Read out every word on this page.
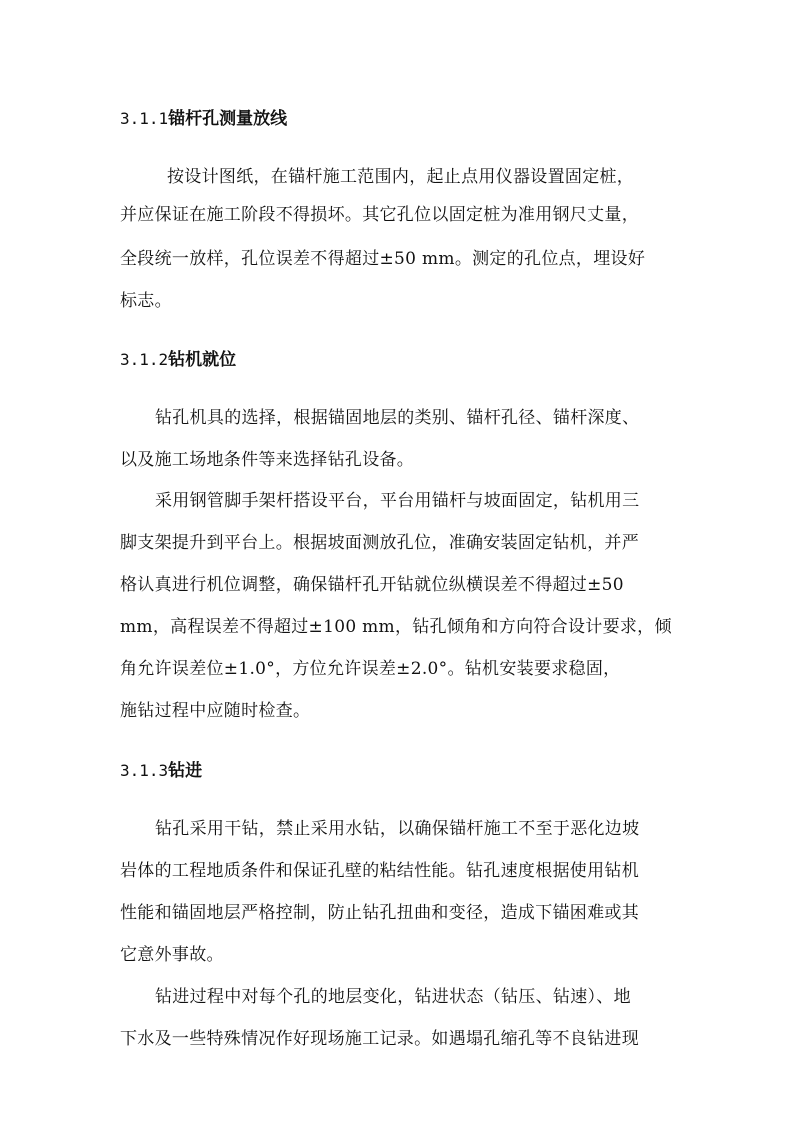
3.1.1锚杆孔测量放线
按设计图纸，在锚杆施工范围内，起止点用仪器设置固定桩，
并应保证在施工阶段不得损坏。其它孔位以固定桩为准用钢尺丈量，
全段统一放样，孔位误差不得超过±50 mm。测定的孔位点，埋设好
标志。
3.1.2钻机就位
钻孔机具的选择，根据锚固地层的类别、锚杆孔径、锚杆深度、
以及施工场地条件等来选择钻孔设备。
采用钢管脚手架杆搭设平台，平台用锚杆与坡面固定，钻机用三
脚支架提升到平台上。根据坡面测放孔位，准确安装固定钻机，并严
格认真进行机位调整，确保锚杆孔开钻就位纵横误差不得超过±50
mm，高程误差不得超过±100 mm，钻孔倾角和方向符合设计要求，倾
角允许误差位±1.0°，方位允许误差±2.0°。钻机安装要求稳固，
施钻过程中应随时检查。
3.1.3钻进
钻孔采用干钻，禁止采用水钻，以确保锚杆施工不至于恶化边坡
岩体的工程地质条件和保证孔壁的粘结性能。钻孔速度根据使用钻机
性能和锚固地层严格控制，防止钻孔扭曲和变径，造成下锚困难或其
它意外事故。
钻进过程中对每个孔的地层变化，钻进状态（钻压、钻速）、地
下水及一些特殊情况作好现场施工记录。如遇塌孔缩孔等不良钻进现
